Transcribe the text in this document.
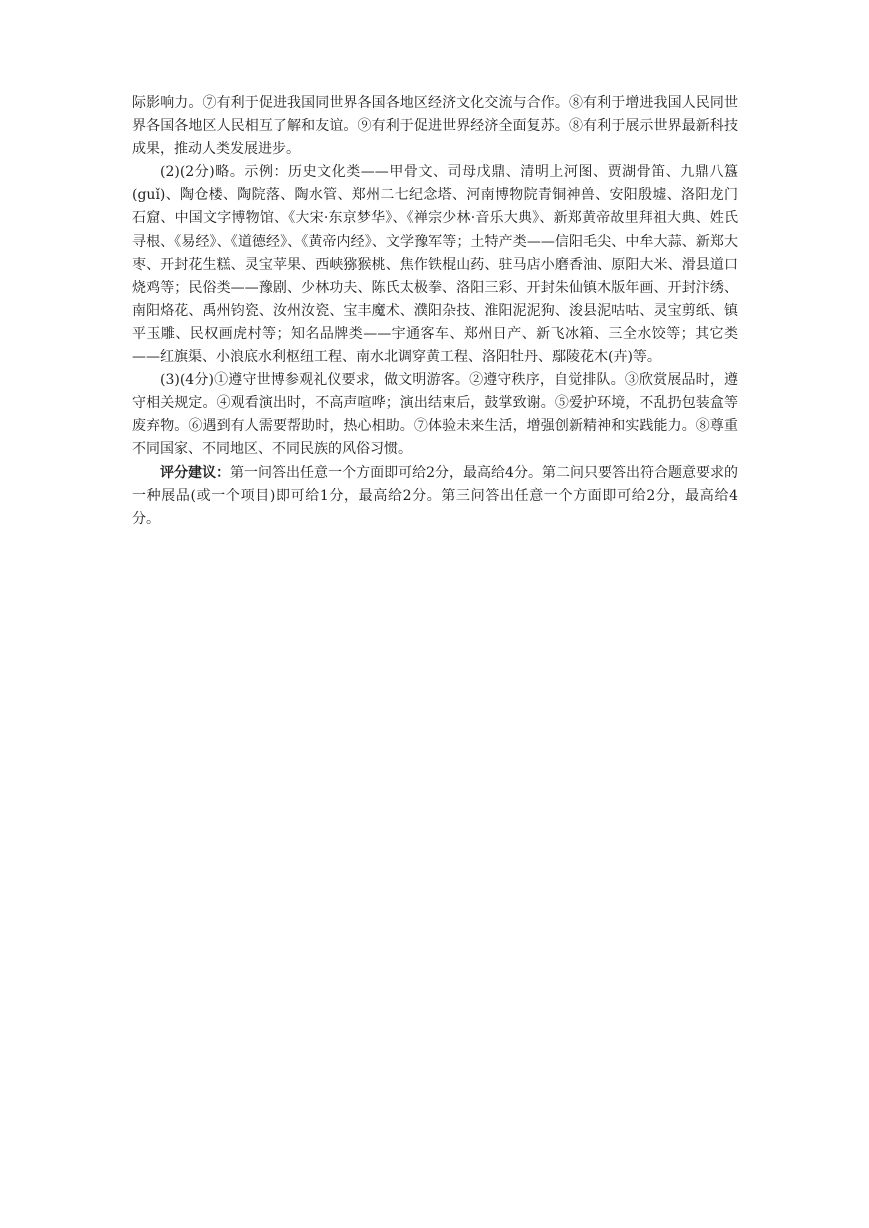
际影响力。⑦有利于促进我国同世界各国各地区经济文化交流与合作。⑧有利于增进我国人民同世界各国各地区人民相互了解和友谊。⑨有利于促进世界经济全面复苏。⑧有利于展示世界最新科技成果，推动人类发展进步。

(2)(2分)略。示例：历史文化类——甲骨文、司母戊鼎、清明上河图、贾湖骨笛、九鼎八簋(guǐ)、陶仓楼、陶院落、陶水管、郑州二七纪念塔、河南博物院青铜神兽、安阳殷墟、洛阳龙门石窟、中国文字博物馆、《大宋·东京梦华》、《禅宗少林·音乐大典》、新郑黄帝故里拜祖大典、姓氏寻根、《易经》、《道德经》、《黄帝内经》、文学豫军等；土特产类——信阳毛尖、中牟大蒜、新郑大枣、开封花生糕、灵宝苹果、西峡猕猴桃、焦作铁棍山药、驻马店小磨香油、原阳大米、滑县道口烧鸡等；民俗类——豫剧、少林功夫、陈氏太极拳、洛阳三彩、开封朱仙镇木版年画、开封汴绣、南阳烙花、禹州钧瓷、汝州汝瓷、宝丰魔术、濮阳杂技、淮阳泥泥狗、浚县泥咕咕、灵宝剪纸、镇平玉雕、民权画虎村等；知名品牌类——宇通客车、郑州日产、新飞冰箱、三全水饺等；其它类——红旗渠、小浪底水利枢纽工程、南水北调穿黄工程、洛阳牡丹、鄢陵花木(卉)等。

(3)(4分)①遵守世博参观礼仪要求，做文明游客。②遵守秩序，自觉排队。③欣赏展品时，遵守相关规定。④观看演出时，不高声喧哗；演出结束后，鼓掌致谢。⑤爱护环境，不乱扔包装盒等废弃物。⑥遇到有人需要帮助时，热心相助。⑦体验未来生活，增强创新精神和实践能力。⑧尊重不同国家、不同地区、不同民族的风俗习惯。

评分建议：第一问答出任意一个方面即可给2分，最高给4分。第二问只要答出符合题意要求的一种展品(或一个项目)即可给1分，最高给2分。第三问答出任意一个方面即可给2分，最高给4分。
